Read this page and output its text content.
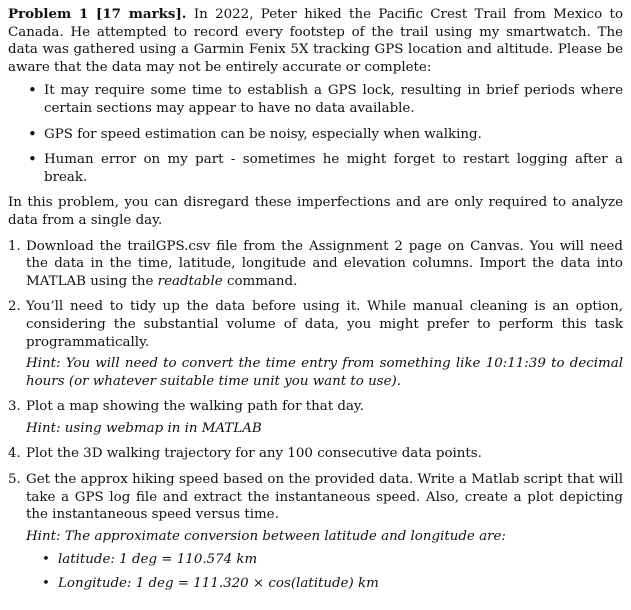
Problem 1 [17 marks]. In 2022, Peter hiked the Pacific Crest Trail from Mexico to Canada. He attempted to record every footstep of the trail using my smartwatch. The data was gathered using a Garmin Fenix 5X tracking GPS location and altitude. Please be aware that the data may not be entirely accurate or complete:

• It may require some time to establish a GPS lock, resulting in brief periods where certain sections may appear to have no data available.
• GPS for speed estimation can be noisy, especially when walking.
• Human error on my part - sometimes he might forget to restart logging after a break.

In this problem, you can disregard these imperfections and are only required to analyze data from a single day.

1. Download the trailGPS.csv file from the Assignment 2 page on Canvas. You will need the data in the time, latitude, longitude and elevation columns. Import the data into MATLAB using the readtable command.
2. You’ll need to tidy up the data before using it. While manual cleaning is an option, considering the substantial volume of data, you might prefer to perform this task programmatically.
Hint: You will need to convert the time entry from something like 10:11:39 to decimal hours (or whatever suitable time unit you want to use).
3. Plot a map showing the walking path for that day.
Hint: using webmap in in MATLAB
4. Plot the 3D walking trajectory for any 100 consecutive data points.
5. Get the approx hiking speed based on the provided data. Write a Matlab script that will take a GPS log file and extract the instantaneous speed. Also, create a plot depicting the instantaneous speed versus time.
Hint: The approximate conversion between latitude and longitude are:
• latitude: 1 deg = 110.574 km
• Longitude: 1 deg = 111.320 × cos(latitude) km
